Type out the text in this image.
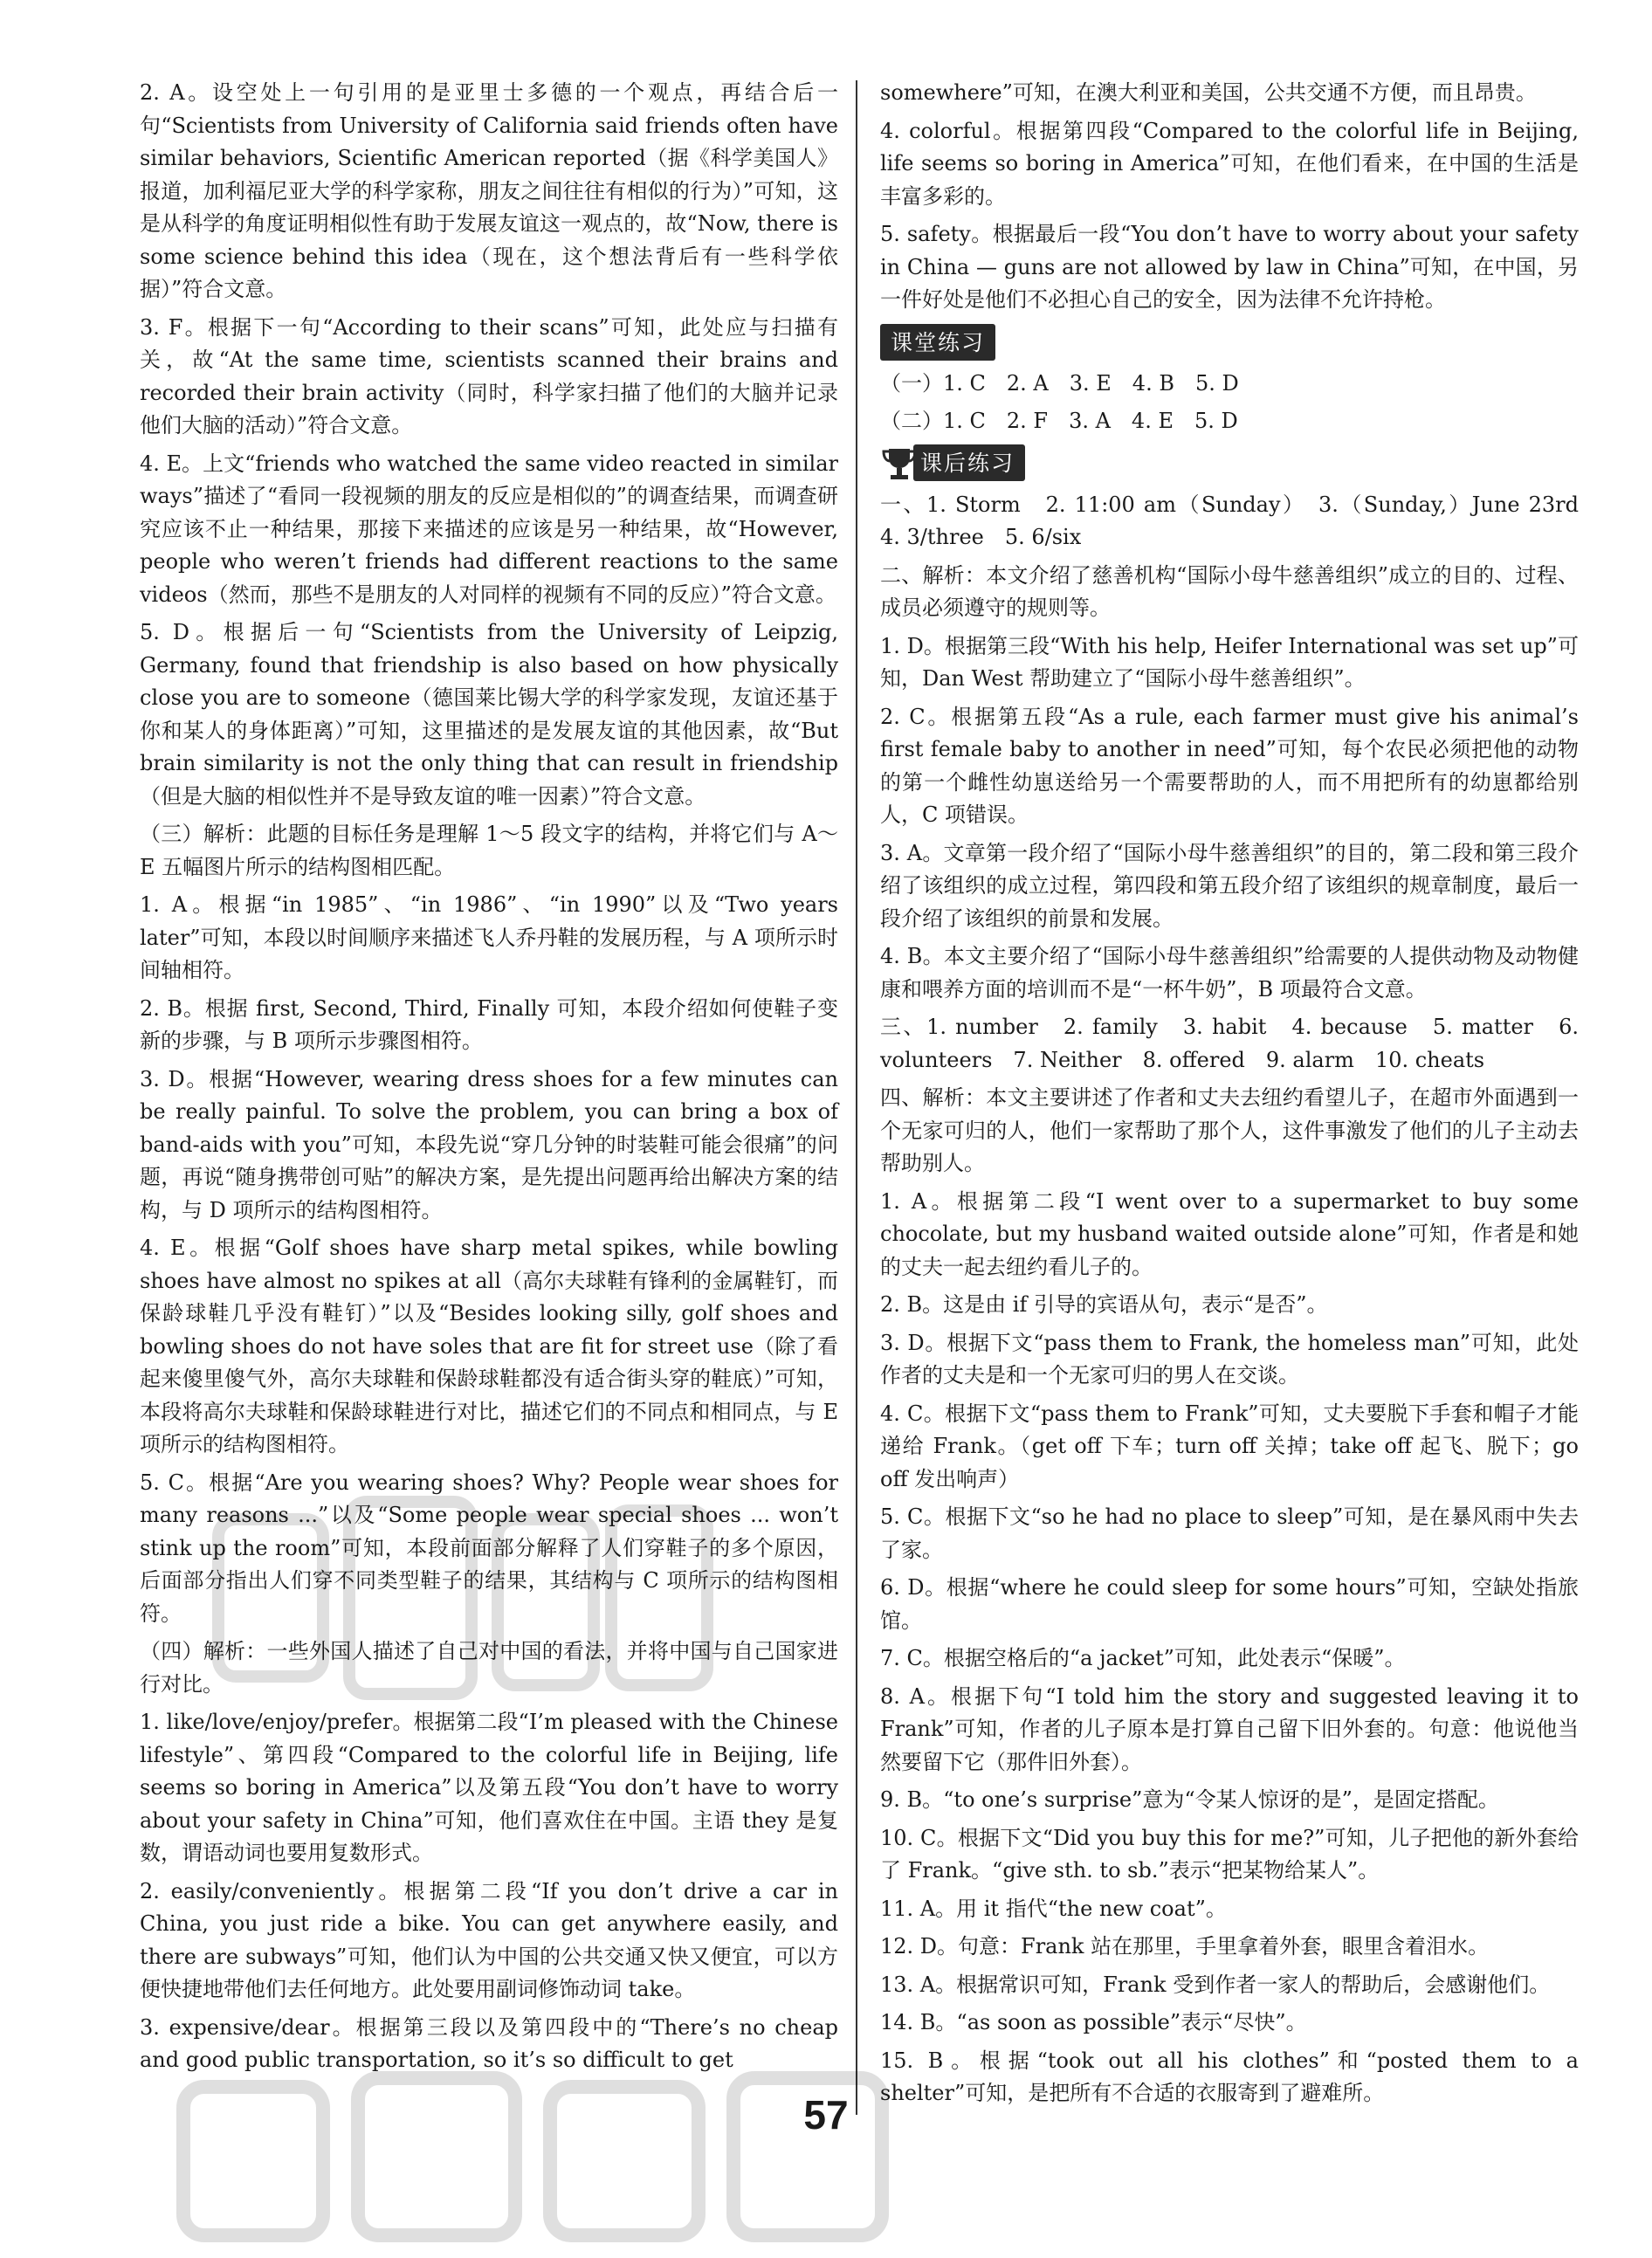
2. A。设空处上一句引用的是亚里士多德的一个观点，再结合后一句“Scientists from University of California said friends often have similar behaviors, Scientific American reported（据《科学美国人》报道，加利福尼亚大学的科学家称，朋友之间往往有相似的行为）”可知，这是从科学的角度证明相似性有助于发展友谊这一观点的，故“Now, there is some science behind this idea（现在，这个想法背后有一些科学依据）”符合文意。

3. F。根据下一句“According to their scans”可知，此处应与扫描有关，故“At the same time, scientists scanned their brains and recorded their brain activity（同时，科学家扫描了他们的大脑并记录他们大脑的活动）”符合文意。

4. E。上文“friends who watched the same video reacted in similar ways”描述了“看同一段视频的朋友的反应是相似的”的调查结果，而调查研究应该不止一种结果，那接下来描述的应该是另一种结果，故“However, people who weren’t friends had different reactions to the same videos（然而，那些不是朋友的人对同样的视频有不同的反应）”符合文意。

5. D。根据后一句“Scientists from the University of Leipzig, Germany, found that friendship is also based on how physically close you are to someone（德国莱比锡大学的科学家发现，友谊还基于你和某人的身体距离）”可知，这里描述的是发展友谊的其他因素，故“But brain similarity is not the only thing that can result in friendship（但是大脑的相似性并不是导致友谊的唯一因素）”符合文意。

（三）解析：此题的目标任务是理解 1～5 段文字的结构，并将它们与 A～E 五幅图片所示的结构图相匹配。

1. A。根据“in 1985”、“in 1986”、“in 1990”以及“Two years later”可知，本段以时间顺序来描述飞人乔丹鞋的发展历程，与 A 项所示时间轴相符。

2. B。根据 first, Second, Third, Finally 可知，本段介绍如何使鞋子变新的步骤，与 B 项所示步骤图相符。

3. D。根据“However, wearing dress shoes for a few minutes can be really painful. To solve the problem, you can bring a box of band-aids with you”可知，本段先说“穿几分钟的时装鞋可能会很痛”的问题，再说“随身携带创可贴”的解决方案，是先提出问题再给出解决方案的结构，与 D 项所示的结构图相符。

4. E。根据“Golf shoes have sharp metal spikes, while bowling shoes have almost no spikes at all（高尔夫球鞋有锋利的金属鞋钉，而保龄球鞋几乎没有鞋钉）”以及“Besides looking silly, golf shoes and bowling shoes do not have soles that are fit for street use（除了看起来傻里傻气外，高尔夫球鞋和保龄球鞋都没有适合街头穿的鞋底）”可知，本段将高尔夫球鞋和保龄球鞋进行对比，描述它们的不同点和相同点，与 E 项所示的结构图相符。

5. C。根据“Are you wearing shoes? Why? People wear shoes for many reasons ...”以及“Some people wear special shoes ... won’t stink up the room”可知，本段前面部分解释了人们穿鞋子的多个原因，后面部分指出人们穿不同类型鞋子的结果，其结构与 C 项所示的结构图相符。

（四）解析：一些外国人描述了自己对中国的看法，并将中国与自己国家进行对比。

1. like/love/enjoy/prefer。根据第二段“I’m pleased with the Chinese lifestyle”、第四段“Compared to the colorful life in Beijing, life seems so boring in America”以及第五段“You don’t have to worry about your safety in China”可知，他们喜欢住在中国。主语 they 是复数，谓语动词也要用复数形式。

2. easily/conveniently。根据第二段“If you don’t drive a car in China, you just ride a bike. You can get anywhere easily, and there are subways”可知，他们认为中国的公共交通又快又便宜，可以方便快捷地带他们去任何地方。此处要用副词修饰动词 take。

3. expensive/dear。根据第三段以及第四段中的“There’s no cheap and good public transportation, so it’s so difficult to get

somewhere”可知，在澳大利亚和美国，公共交通不方便，而且昂贵。

4. colorful。根据第四段“Compared to the colorful life in Beijing, life seems so boring in America”可知，在他们看来，在中国的生活是丰富多彩的。

5. safety。根据最后一段“You don’t have to worry about your safety in China — guns are not allowed by law in China”可知，在中国，另一件好处是他们不必担心自己的安全，因为法律不允许持枪。

课堂练习

（一）1. C　2. A　3. E　4. B　5. D

（二）1. C　2. F　3. A　4. E　5. D

课后练习

一、1. Storm　2. 11:00 am（Sunday）　3.（Sunday,）June 23rd　4. 3/three　5. 6/six

二、解析：本文介绍了慈善机构“国际小母牛慈善组织”成立的目的、过程、成员必须遵守的规则等。

1. D。根据第三段“With his help, Heifer International was set up”可知，Dan West 帮助建立了“国际小母牛慈善组织”。

2. C。根据第五段“As a rule, each farmer must give his animal’s first female baby to another in need”可知，每个农民必须把他的动物的第一个雌性幼崽送给另一个需要帮助的人，而不用把所有的幼崽都给别人，C 项错误。

3. A。文章第一段介绍了“国际小母牛慈善组织”的目的，第二段和第三段介绍了该组织的成立过程，第四段和第五段介绍了该组织的规章制度，最后一段介绍了该组织的前景和发展。

4. B。本文主要介绍了“国际小母牛慈善组织”给需要的人提供动物及动物健康和喂养方面的培训而不是“一杯牛奶”，B 项最符合文意。

三、1. number　2. family　3. habit　4. because　5. matter　6. volunteers　7. Neither　8. offered　9. alarm　10. cheats

四、解析：本文主要讲述了作者和丈夫去纽约看望儿子，在超市外面遇到一个无家可归的人，他们一家帮助了那个人，这件事激发了他们的儿子主动去帮助别人。

1. A。根据第二段“I went over to a supermarket to buy some chocolate, but my husband waited outside alone”可知，作者是和她的丈夫一起去纽约看儿子的。

2. B。这是由 if 引导的宾语从句，表示“是否”。

3. D。根据下文“pass them to Frank, the homeless man”可知，此处作者的丈夫是和一个无家可归的男人在交谈。

4. C。根据下文“pass them to Frank”可知，丈夫要脱下手套和帽子才能递给 Frank。（get off 下车；turn off 关掉；take off 起飞、脱下；go off 发出响声）

5. C。根据下文“so he had no place to sleep”可知，是在暴风雨中失去了家。

6. D。根据“where he could sleep for some hours”可知，空缺处指旅馆。

7. C。根据空格后的“a jacket”可知，此处表示“保暖”。

8. A。根据下句“I told him the story and suggested leaving it to Frank”可知，作者的儿子原本是打算自己留下旧外套的。句意：他说他当然要留下它（那件旧外套）。

9. B。“to one’s surprise”意为“令某人惊讶的是”，是固定搭配。

10. C。根据下文“Did you buy this for me?”可知，儿子把他的新外套给了 Frank。“give sth. to sb.”表示“把某物给某人”。

11. A。用 it 指代“the new coat”。

12. D。句意：Frank 站在那里，手里拿着外套，眼里含着泪水。

13. A。根据常识可知，Frank 受到作者一家人的帮助后，会感谢他们。

14. B。“as soon as possible”表示“尽快”。

15. B。根据“took out all his clothes”和“posted them to a shelter”可知，是把所有不合适的衣服寄到了避难所。

57
